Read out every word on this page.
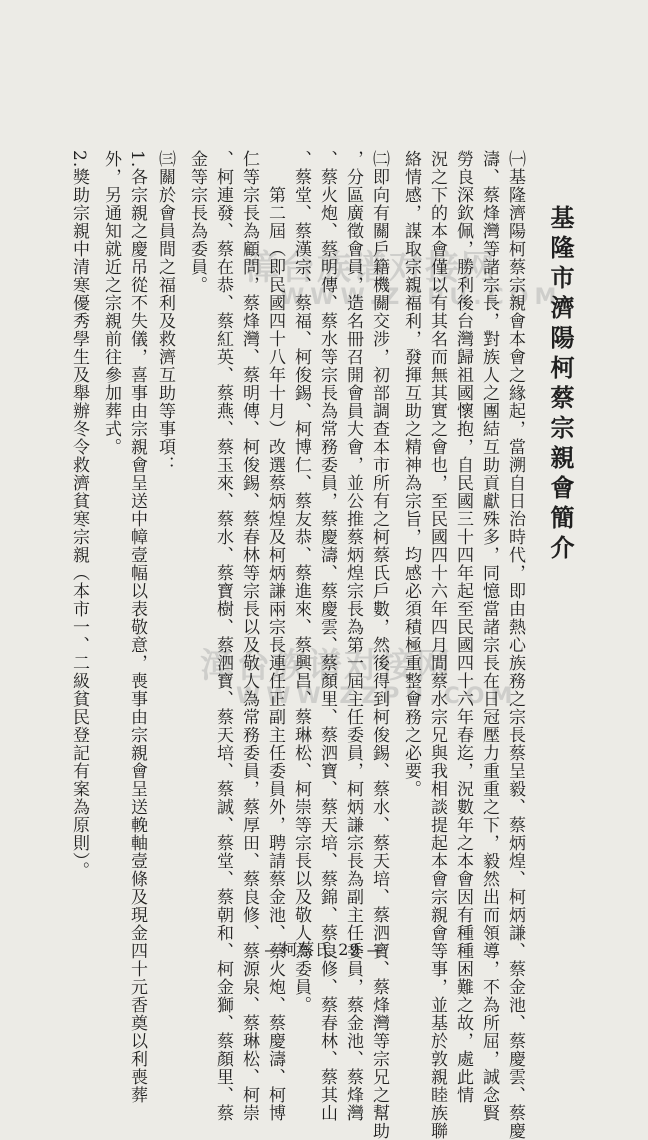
漳台族谱对接网
WWW.ZZPU.COM
漳台族谱对接网
WWW.ZZPU.COM
基隆市濟陽柯蔡宗親會簡介
㈠基隆濟陽柯蔡宗親會本會之緣起，當溯自日治時代，即由熱心族務之宗長蔡呈毅、蔡炳煌、柯炳謙、蔡金池、蔡慶雲、蔡慶
濤、蔡烽灣等諸宗長，對族人之團結互助貢獻殊多，同憶當諸宗長在日冠壓力重重之下，毅然出而領導，不為所屈，誠念賢
勞良深欽佩，勝利後台灣歸祖國懷抱，自民國三十四年起至民國四十六年春迄，況數年之本會因有種種困難之故，處此情
況之下的本會僅以有其名而無其實之會也，至民國四十六年四月間蔡水宗兄與我相談提起本會宗親會等事，並基於敦親睦族聯
絡情感，謀取宗親福利，發揮互助之精神為宗旨，均感必須積極重整會務之必要。
㈡即向有關戶籍機關交涉，初部調查本市所有之柯蔡氏戶數，然後得到柯俊錫、蔡水、蔡天培、蔡泗寶、蔡烽灣等宗兄之幫助
，分區廣徵會員，造名冊召開會員大會，並公推蔡炳煌宗長為第一屆主任委員，柯炳謙宗長為副主任委員，蔡金池、蔡烽灣
、蔡火炮、蔡明傳、蔡水等宗長為常務委員，蔡慶濤、蔡慶雲、蔡顏里、蔡泗寶、蔡天培、蔡錦、蔡良修、蔡春林、蔡其山
、蔡堂、蔡漢宗、蔡福、柯俊錫、柯博仁、蔡友恭、蔡進來、蔡興昌、蔡琳松、柯崇等宗長以及敬人為委員。
第二屆（即民國四十八年十月）改選蔡炳煌及柯炳謙兩宗長連任正副主任委員外，聘請蔡金池、蔡火炮、蔡慶濤、柯博
仁等宗長為顧問，蔡烽灣、蔡明傳、柯俊錫、蔡春林等宗長以及敬人為常務委員，蔡厚田、蔡良修、蔡源泉、蔡琳松、柯崇
、柯連發、蔡在恭、蔡紅英、蔡燕、蔡玉來、蔡水、蔡寶樹、蔡泗寶、蔡天培、蔡誠、蔡堂、蔡朝和、柯金獅、蔡顏里、蔡
金等宗長為委員。
㈢關於會員間之福利及救濟互助等事項：
1.各宗親之慶吊從不失儀，喜事由宗親會呈送中幛壹幅以表敬意，喪事由宗親會呈送輓軸壹條及現金四十元香奠以利喪葬
外，另通知就近之宗親前往參加葬式。
2.獎助宗親中清寒優秀學生及舉辦冬令救濟貧寒宗親（本市一、二級貧民登記有案為原則）。
—柯蔡氏 29 —
